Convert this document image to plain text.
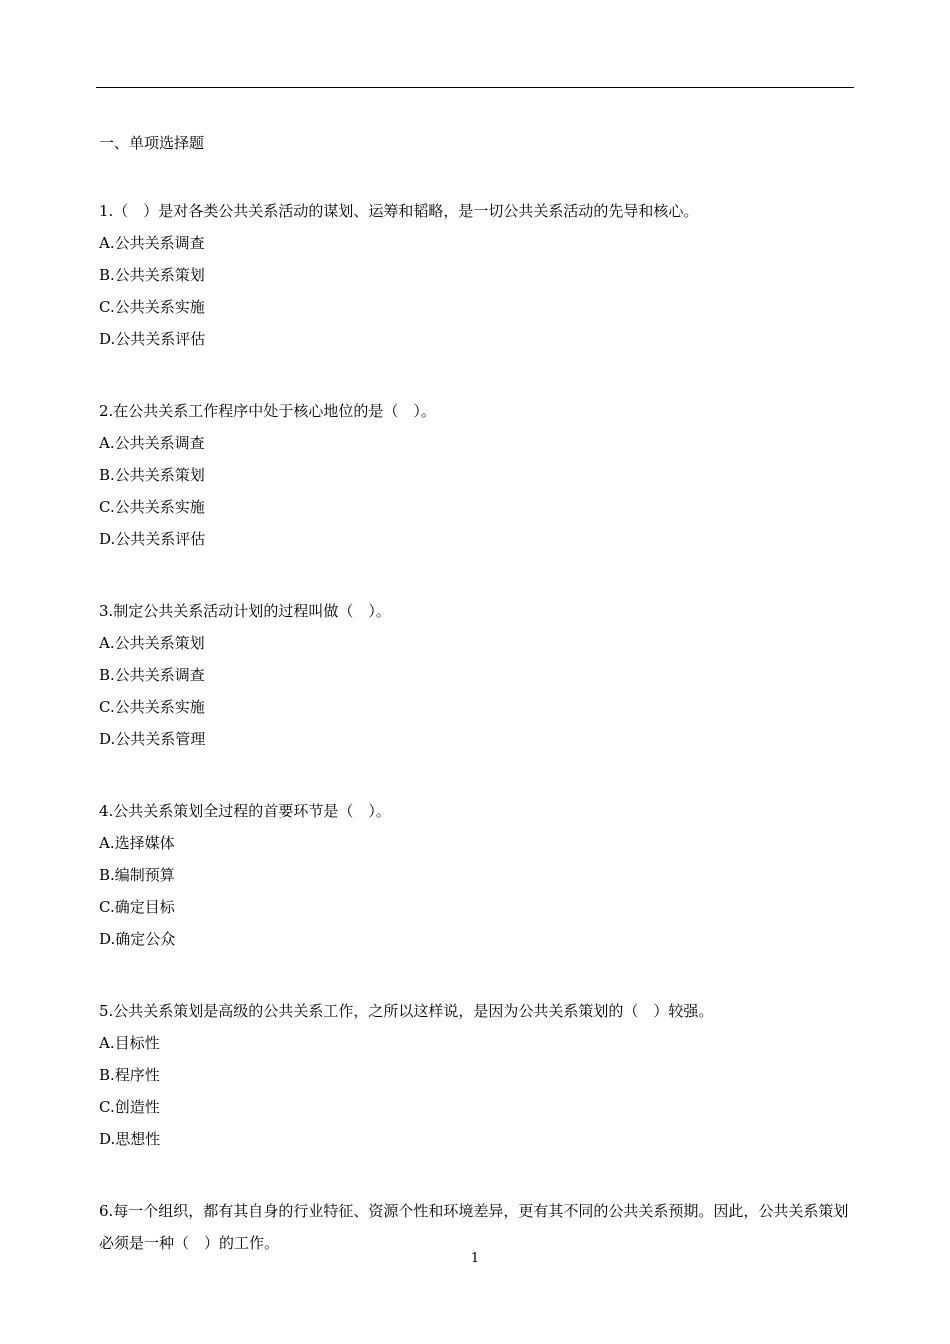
一、单项选择题

1.（　）是对各类公共关系活动的谋划、运筹和韬略，是一切公共关系活动的先导和核心。

A.公共关系调查
B.公共关系策划
C.公共关系实施
D.公共关系评估

2.在公共关系工作程序中处于核心地位的是（　）。

A.公共关系调查
B.公共关系策划
C.公共关系实施
D.公共关系评估

3.制定公共关系活动计划的过程叫做（　）。

A.公共关系策划
B.公共关系调查
C.公共关系实施
D.公共关系管理

4.公共关系策划全过程的首要环节是（　）。

A.选择媒体
B.编制预算
C.确定目标
D.确定公众

5.公共关系策划是高级的公共关系工作，之所以这样说，是因为公共关系策划的（　）较强。

A.目标性
B.程序性
C.创造性
D.思想性

6.每一个组织，都有其自身的行业特征、资源个性和环境差异，更有其不同的公共关系预期。因此，公共关系策划必须是一种（　）的工作。

1
